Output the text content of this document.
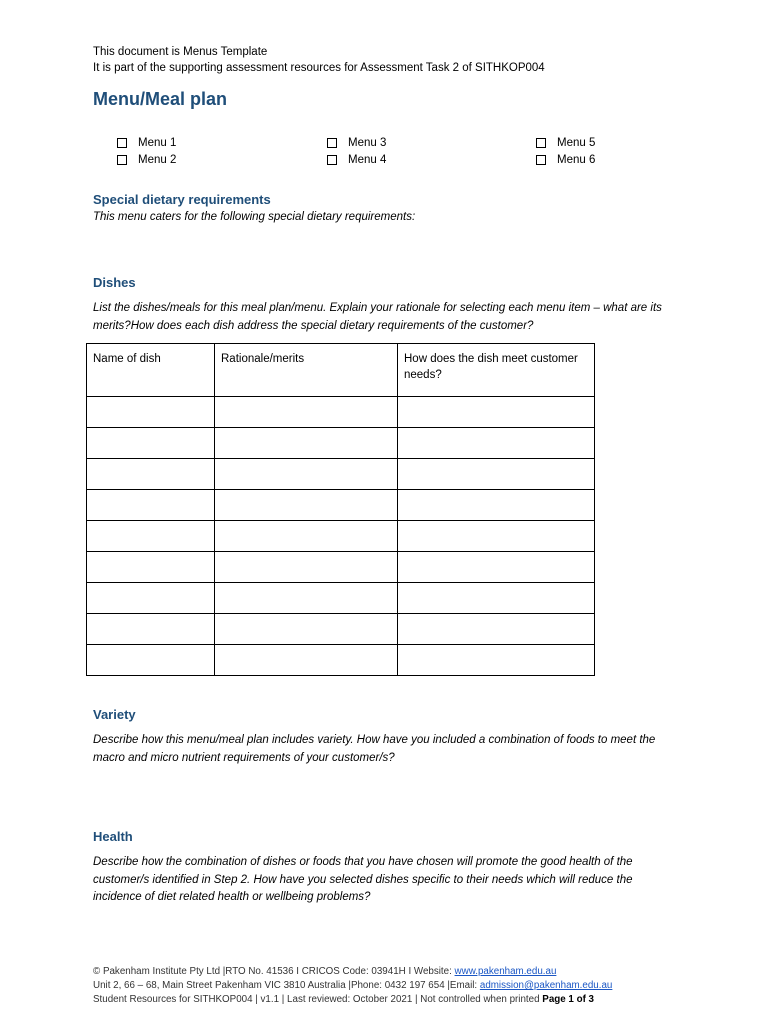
This document is Menus Template
It is part of the supporting assessment resources for Assessment Task 2 of SITHKOP004
Menu/Meal plan
Menu 1
Menu 2
Menu 3
Menu 4
Menu 5
Menu 6
Special dietary requirements
This menu caters for the following special dietary requirements:
Dishes
List the dishes/meals for this meal plan/menu. Explain your rationale for selecting each menu item – what are its merits?How does each dish address the special dietary requirements of the customer?
Variety
Describe how this menu/meal plan includes variety. How have you included a combination of foods to meet the macro and micro nutrient requirements of your customer/s?
Health
Describe how the combination of dishes or foods that you have chosen will promote the good health of the customer/s identified in Step 2. How have you selected dishes specific to their needs which will reduce the incidence of diet related health or wellbeing problems?
Name of dish	Rationale/merits	How does the dish meet customer needs?

© Pakenham Institute Pty Ltd |RTO No. 41536 I CRICOS Code: 03941H I Website: www.pakenham.edu.au
Unit 2, 66 – 68, Main Street Pakenham VIC 3810 Australia |Phone: 0432 197 654 |Email: admission@pakenham.edu.au
Student Resources for SITHKOP004 | v1.1 | Last reviewed: October 2021 | Not controlled when printed Page 1 of 3
